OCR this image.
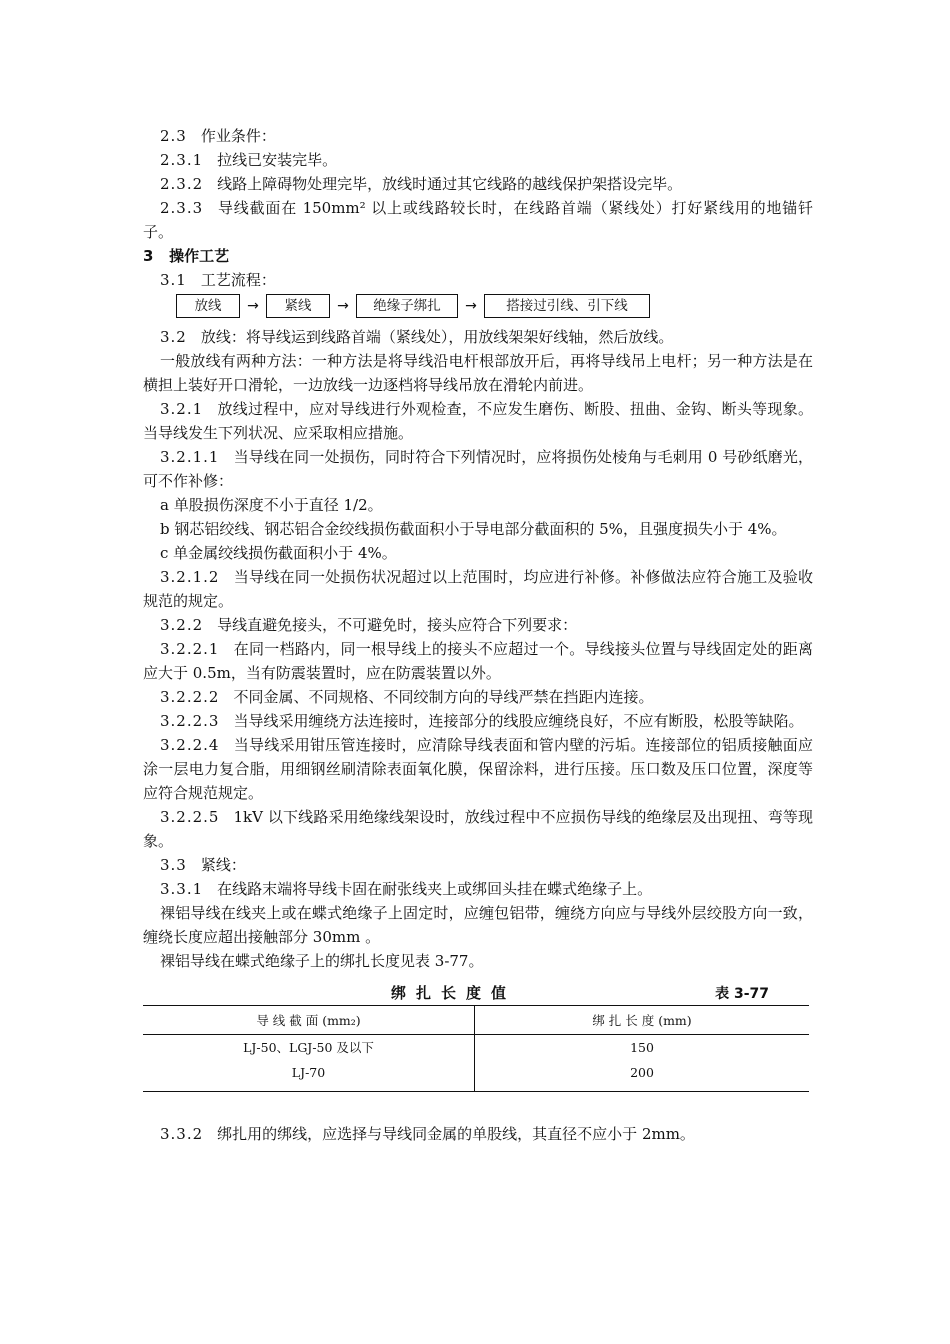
2.3 作业条件：

2.3.1 拉线已安装完毕。

2.3.2 线路上障碍物处理完毕，放线时通过其它线路的越线保护架搭设完毕。

2.3.3 导线截面在 150mm² 以上或线路较长时，在线路首端（紧线处）打好紧线用的地锚钎子。

3 操作工艺

3.1 工艺流程：

放线	→	紧线	→	绝缘子绑扎	→	搭接过引线、引下线

3.2 放线：将导线运到线路首端（紧线处），用放线架架好线轴，然后放线。

一般放线有两种方法：一种方法是将导线沿电杆根部放开后，再将导线吊上电杆；另一种方法是在横担上装好开口滑轮，一边放线一边逐档将导线吊放在滑轮内前进。

3.2.1 放线过程中，应对导线进行外观检查，不应发生磨伤、断股、扭曲、金钩、断头等现象。当导线发生下列状况、应采取相应措施。

3.2.1.1 当导线在同一处损伤，同时符合下列情况时，应将损伤处棱角与毛刺用 0 号砂纸磨光，可不作补修：

a 单股损伤深度不小于直径 1/2。

b 钢芯铝绞线、钢芯铝合金绞线损伤截面积小于导电部分截面积的 5%，且强度损失小于 4%。

c 单金属绞线损伤截面积小于 4%。

3.2.1.2 当导线在同一处损伤状况超过以上范围时，均应进行补修。补修做法应符合施工及验收规范的规定。

3.2.2 导线直避免接头，不可避免时，接头应符合下列要求：

3.2.2.1 在同一档路内，同一根导线上的接头不应超过一个。导线接头位置与导线固定处的距离应大于 0.5m，当有防震装置时，应在防震装置以外。

3.2.2.2 不同金属、不同规格、不同绞制方向的导线严禁在挡距内连接。

3.2.2.3 当导线采用缠绕方法连接时，连接部分的线股应缠绕良好，不应有断股，松股等缺陷。

3.2.2.4 当导线采用钳压管连接时，应清除导线表面和管内壁的污垢。连接部位的铝质接触面应涂一层电力复合脂，用细钢丝刷清除表面氧化膜，保留涂料，进行压接。压口数及压口位置，深度等应符合规范规定。

3.2.2.5 1kV 以下线路采用绝缘线架设时，放线过程中不应损伤导线的绝缘层及出现扭、弯等现象。

3.3 紧线：

3.3.1 在线路末端将导线卡固在耐张线夹上或绑回头挂在蝶式绝缘子上。

裸铝导线在线夹上或在蝶式绝缘子上固定时，应缠包铝带，缠绕方向应与导线外层绞股方向一致，缠绕长度应超出接触部分 30mm 。

裸铝导线在蝶式绝缘子上的绑扎长度见表 3-77。

绑扎长度值	表 3-77
导 线 截 面 (mm₂)	绑 扎 长 度 (mm)
LJ-50、LGJ-50 及以下	150
LJ-70	200

3.3.2 绑扎用的绑线，应选择与导线同金属的单股线，其直径不应小于 2mm。
